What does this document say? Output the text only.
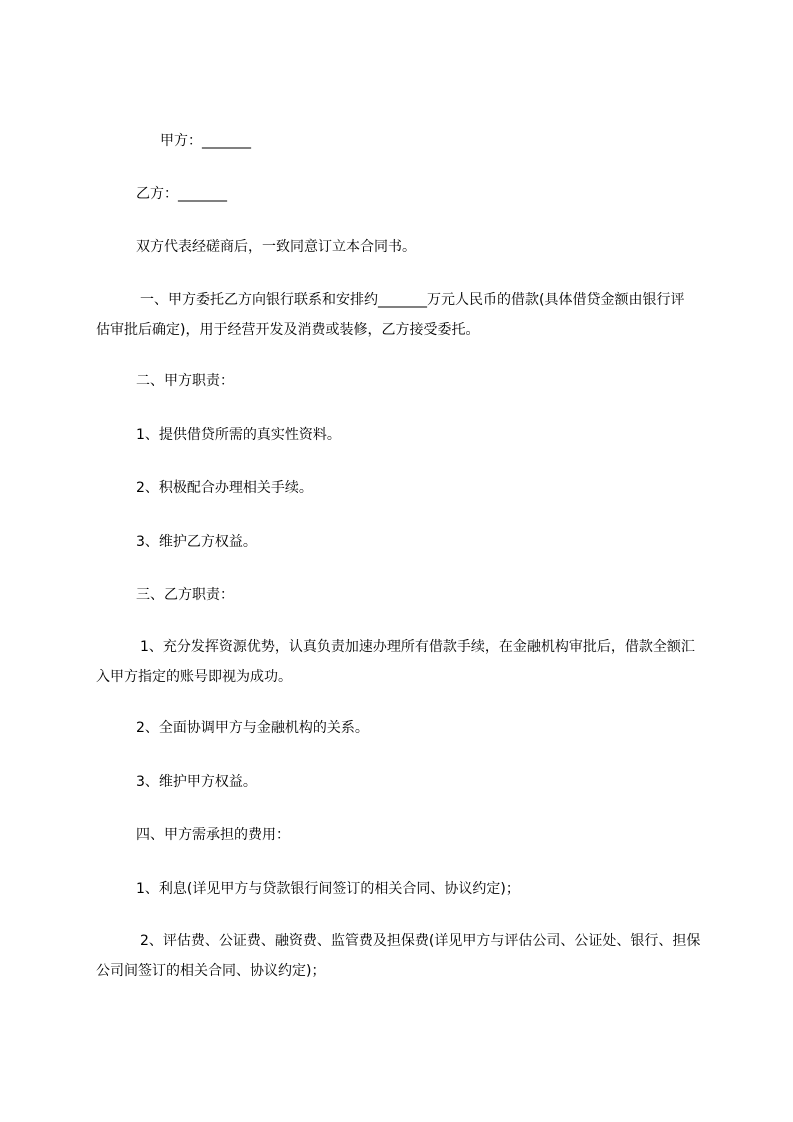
甲方：_______
乙方：_______
双方代表经磋商后，一致同意订立本合同书。
一、甲方委托乙方向银行联系和安排约_______万元人民币的借款(具体借贷金额由银行评估审批后确定)，用于经营开发及消费或装修，乙方接受委托。
二、甲方职责：
1、提供借贷所需的真实性资料。
2、积极配合办理相关手续。
3、维护乙方权益。
三、乙方职责：
1、充分发挥资源优势，认真负责加速办理所有借款手续，在金融机构审批后，借款全额汇入甲方指定的账号即视为成功。
2、全面协调甲方与金融机构的关系。
3、维护甲方权益。
四、甲方需承担的费用：
1、利息(详见甲方与贷款银行间签订的相关合同、协议约定)；
2、评估费、公证费、融资费、监管费及担保费(详见甲方与评估公司、公证处、银行、担保公司间签订的相关合同、协议约定)；
